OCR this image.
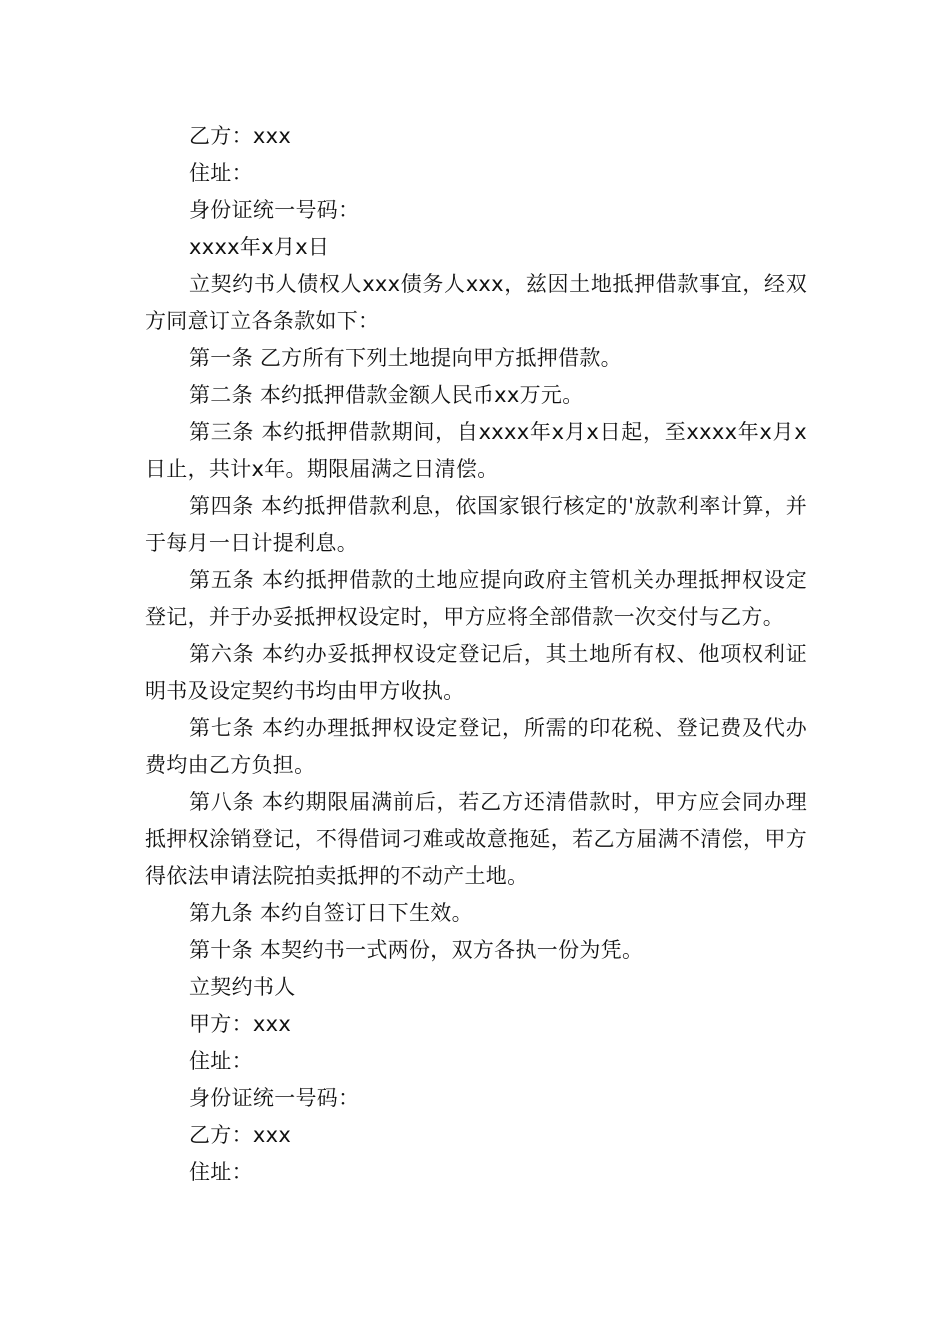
乙方：xxx

住址：

身份证统一号码：

xxxx年x月x日

立契约书人债权人xxx债务人xxx，兹因土地抵押借款事宜，经双方同意订立各条款如下：

第一条 乙方所有下列土地提向甲方抵押借款。

第二条 本约抵押借款金额人民币xx万元。

第三条 本约抵押借款期间，自xxxx年x月x日起，至xxxx年x月x日止，共计x年。期限届满之日清偿。

第四条 本约抵押借款利息，依国家银行核定的'放款利率计算，并于每月一日计提利息。

第五条 本约抵押借款的土地应提向政府主管机关办理抵押权设定登记，并于办妥抵押权设定时，甲方应将全部借款一次交付与乙方。

第六条 本约办妥抵押权设定登记后，其土地所有权、他项权利证明书及设定契约书均由甲方收执。

第七条 本约办理抵押权设定登记，所需的印花税、登记费及代办费均由乙方负担。

第八条 本约期限届满前后，若乙方还清借款时，甲方应会同办理抵押权涂销登记，不得借词刁难或故意拖延，若乙方届满不清偿，甲方得依法申请法院拍卖抵押的不动产土地。

第九条 本约自签订日下生效。

第十条 本契约书一式两份，双方各执一份为凭。

立契约书人

甲方：xxx

住址：

身份证统一号码：

乙方：xxx

住址：
